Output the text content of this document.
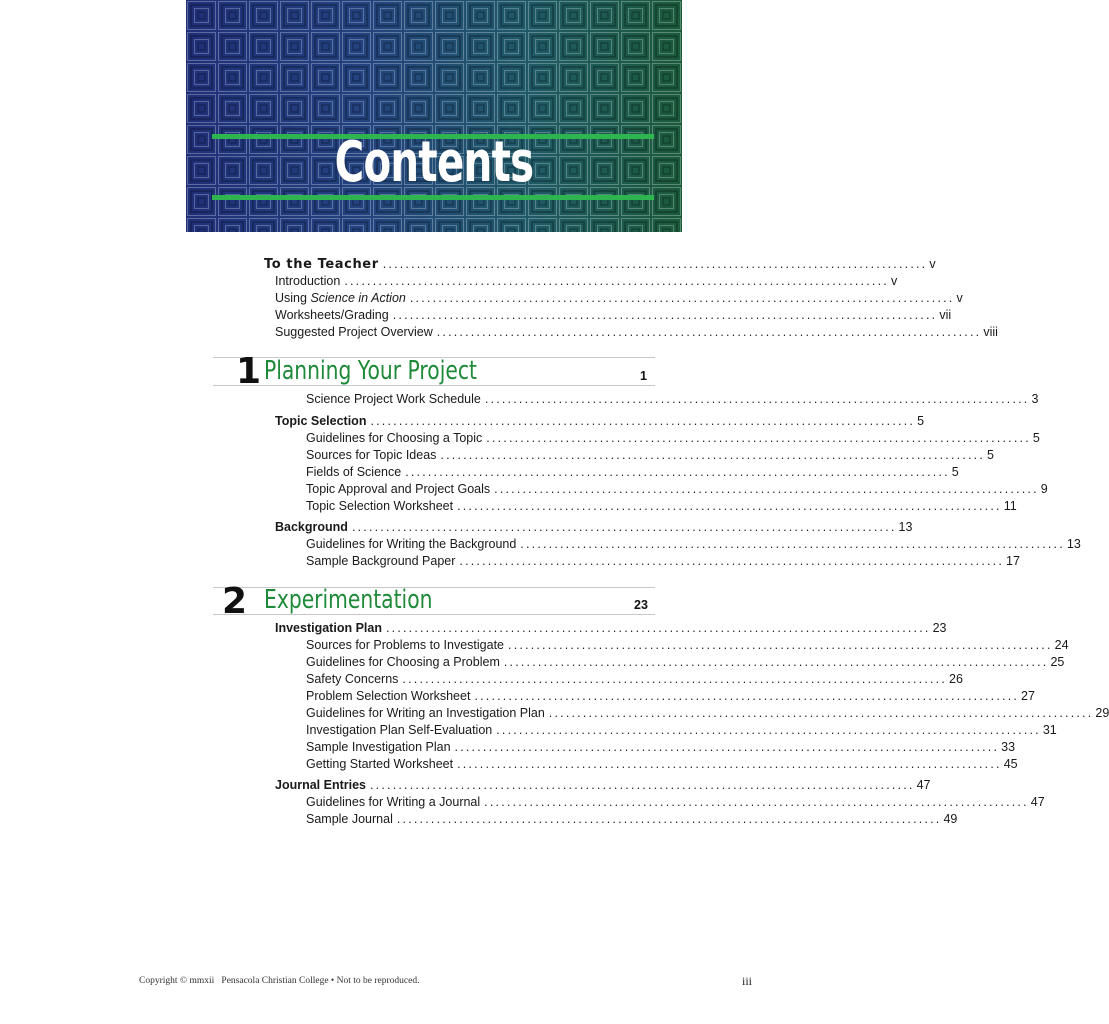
Contents
To the Teacher ................................................................................................ v
Introduction ................................................................................................ v
Using Science in Action ................................................................................................ v
Worksheets/Grading ................................................................................................ vii
Suggested Project Overview ................................................................................................ viii
1 Planning Your Project	1
Science Project Work Schedule ................................................................................................ 3
Topic Selection ................................................................................................ 5
Guidelines for Choosing a Topic ................................................................................................ 5
Sources for Topic Ideas ................................................................................................ 5
Fields of Science ................................................................................................ 5
Topic Approval and Project Goals ................................................................................................ 9
Topic Selection Worksheet ................................................................................................ 11
Background ................................................................................................ 13
Guidelines for Writing the Background ................................................................................................ 13
Sample Background Paper ................................................................................................ 17
2 Experimentation	23
Investigation Plan ................................................................................................ 23
Sources for Problems to Investigate ................................................................................................ 24
Guidelines for Choosing a Problem ................................................................................................ 25
Safety Concerns ................................................................................................ 26
Problem Selection Worksheet ................................................................................................ 27
Guidelines for Writing an Investigation Plan ................................................................................................ 29
Investigation Plan Self-Evaluation ................................................................................................ 31
Sample Investigation Plan ................................................................................................ 33
Getting Started Worksheet ................................................................................................ 45
Journal Entries ................................................................................................ 47
Guidelines for Writing a Journal ................................................................................................ 47
Sample Journal ................................................................................................ 49
Copyright © mmxii   Pensacola Christian College • Not to be reproduced.	iii
